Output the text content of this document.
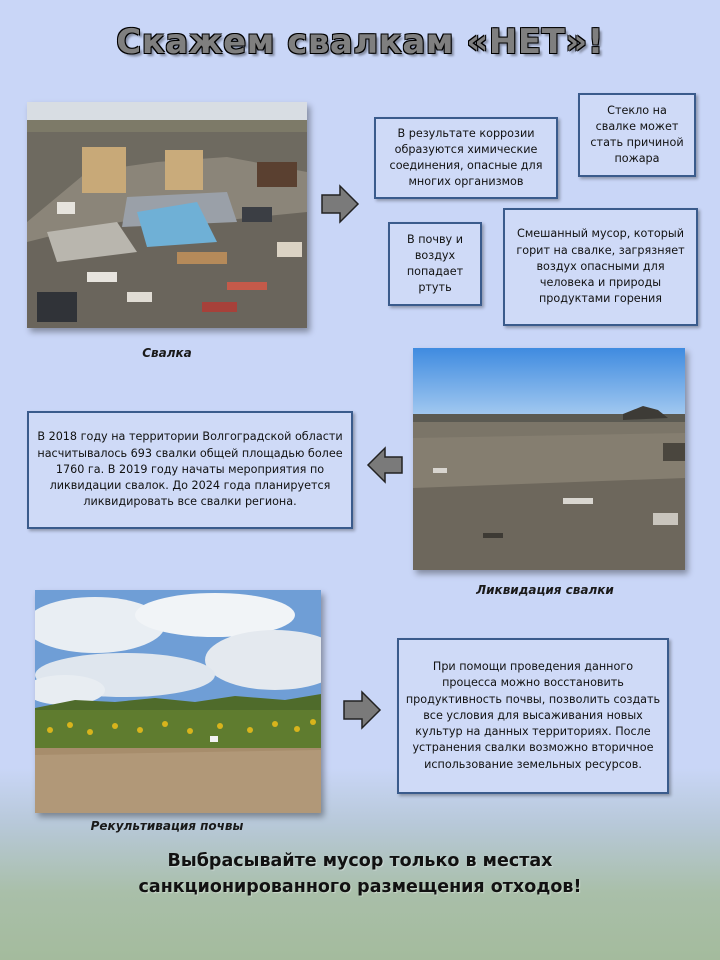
Скажем свалкам «НЕТ»!
Свалка
В результате коррозии образуются химические соединения, опасные для многих организмов
Стекло на свалке может стать причиной пожара
В почву и воздух попадает ртуть
Смешанный мусор, который горит на свалке, загрязняет воздух опасными для человека и природы продуктами горения
В 2018 году на территории Волгоградской области насчитывалось 693 свалки общей площадью более 1760 га. В 2019 году начаты мероприятия по ликвидации свалок. До 2024 года планируется ликвидировать все свалки региона.
Ликвидация свалки
Рекультивация почвы
При помощи проведения данного процесса можно восстановить продуктивность почвы, позволить создать все условия для высаживания новых культур на данных территориях. После устранения свалки возможно вторичное использование земельных ресурсов.
Выбрасывайте мусор только в местах санкционированного размещения отходов!
